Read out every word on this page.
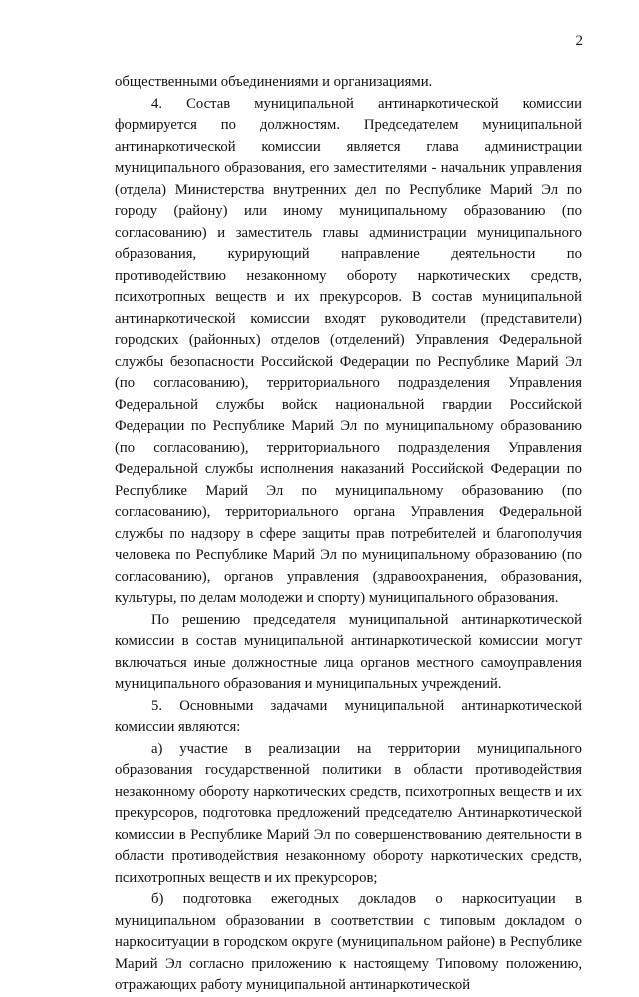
2

общественными объединениями и организациями.

4. Состав муниципальной антинаркотической комиссии формируется по должностям. Председателем муниципальной антинаркотической комиссии является глава администрации муниципального образования, его заместителями - начальник управления (отдела) Министерства внутренних дел по Республике Марий Эл по городу (району) или иному муниципальному образованию (по согласованию) и заместитель главы администрации муниципального образования, курирующий направление деятельности по противодействию незаконному обороту наркотических средств, психотропных веществ и их прекурсоров. В состав муниципальной антинаркотической комиссии входят руководители (представители) городских (районных) отделов (отделений) Управления Федеральной службы безопасности Российской Федерации по Республике Марий Эл (по согласованию), территориального подразделения Управления Федеральной службы войск национальной гвардии Российской Федерации по Республике Марий Эл по муниципальному образованию (по согласованию), территориального подразделения Управления Федеральной службы исполнения наказаний Российской Федерации по Республике Марий Эл по муниципальному образованию (по согласованию), территориального органа Управления Федеральной службы по надзору в сфере защиты прав потребителей и благополучия человека по Республике Марий Эл по муниципальному образованию (по согласованию), органов управления (здравоохранения, образования, культуры, по делам молодежи и спорту) муниципального образования.

По решению председателя муниципальной антинаркотической комиссии в состав муниципальной антинаркотической комиссии могут включаться иные должностные лица органов местного самоуправления муниципального образования и муниципальных учреждений.

5. Основными задачами муниципальной антинаркотической комиссии являются:

а) участие в реализации на территории муниципального образования государственной политики в области противодействия незаконному обороту наркотических средств, психотропных веществ и их прекурсоров, подготовка предложений председателю Антинаркотической комиссии в Республике Марий Эл по совершенствованию деятельности в области противодействия незаконному обороту наркотических средств, психотропных веществ и их прекурсоров;

б) подготовка ежегодных докладов о наркоситуации в муниципальном образовании в соответствии с типовым докладом о наркоситуации в городском округе (муниципальном районе) в Республике Марий Эл согласно приложению к настоящему Типовому положению, отражающих работу муниципальной антинаркотической
